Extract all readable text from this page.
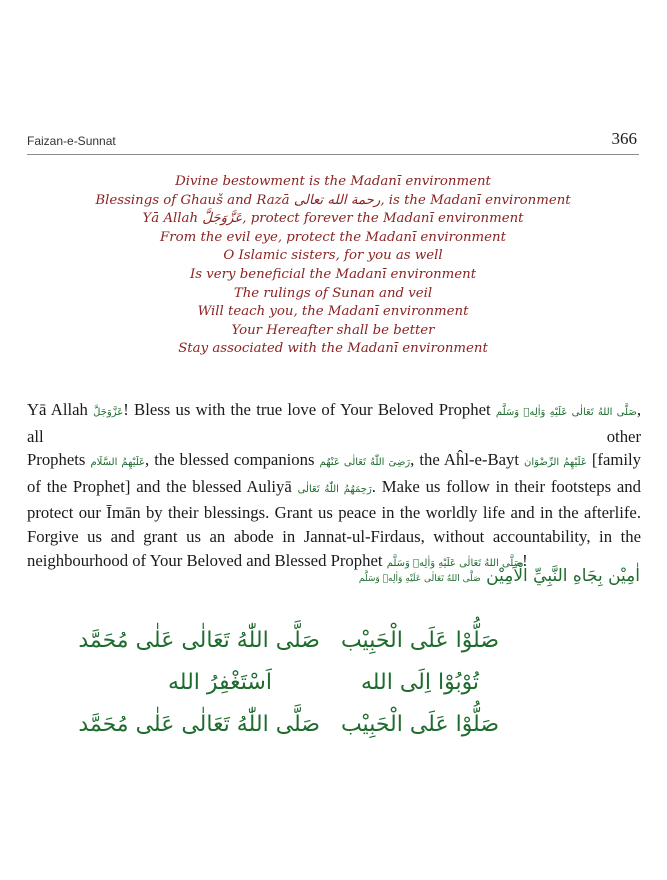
Faizan-e-Sunnat	366
Divine bestowment is the Madanī environment
Blessings of Ghauš and Razā رحمة الله تعالى, is the Madanī environment
Yā Allah عَزَّوَجَلَّ, protect forever the Madanī environment
From the evil eye, protect the Madanī environment
O Islamic sisters, for you as well
Is very beneficial the Madanī environment
The rulings of Sunan and veil
Will teach you, the Madanī environment
Your Hereafter shall be better
Stay associated with the Madanī environment
Yā Allah عَزَّوَجَلَّ! Bless us with the true love of Your Beloved Prophet صَلَّى اللهُ تَعَالٰى عَلَيْهِ وَاٰلِهٖ وَسَلَّم, all other
Prophets عَلَيْهِمُ السَّلَام, the blessed companions رَضِىَ اللّٰهُ تَعَالٰى عَنْهُم, the Aĥl-e-Bayt عَلَيْهِمُ الرِّضْوَان [family
of the Prophet] and the blessed Auliyā رَحِمَهُمُ اللّٰهُ تَعَالٰى. Make us follow in their footsteps and
protect our Īmān by their blessings. Grant us peace in the worldly life and in the afterlife.
Forgive us and grant us an abode in Jannat-ul-Firdaus, without accountability, in the
neighbourhood of Your Beloved and Blessed Prophet صَلَّى اللهُ تَعَالٰى عَلَيْهِ وَاٰلِهٖ وَسَلَّم!
اٰمِيْن بِجَاهِ النَّبِيِّ الْاَمِيْن صَلَّى اللهُ تَعَالٰى عَلَيْهِ وَاٰلِهٖ وَسَلَّم
صَلُّوْا عَلَى الْحَبِيْب
صَلَّى اللّٰهُ تَعَالٰى عَلٰى مُحَمَّد
تُوْبُوْا اِلَى الله
اَسْتَغْفِرُ الله
صَلُّوْا عَلَى الْحَبِيْب
صَلَّى اللّٰهُ تَعَالٰى عَلٰى مُحَمَّد
